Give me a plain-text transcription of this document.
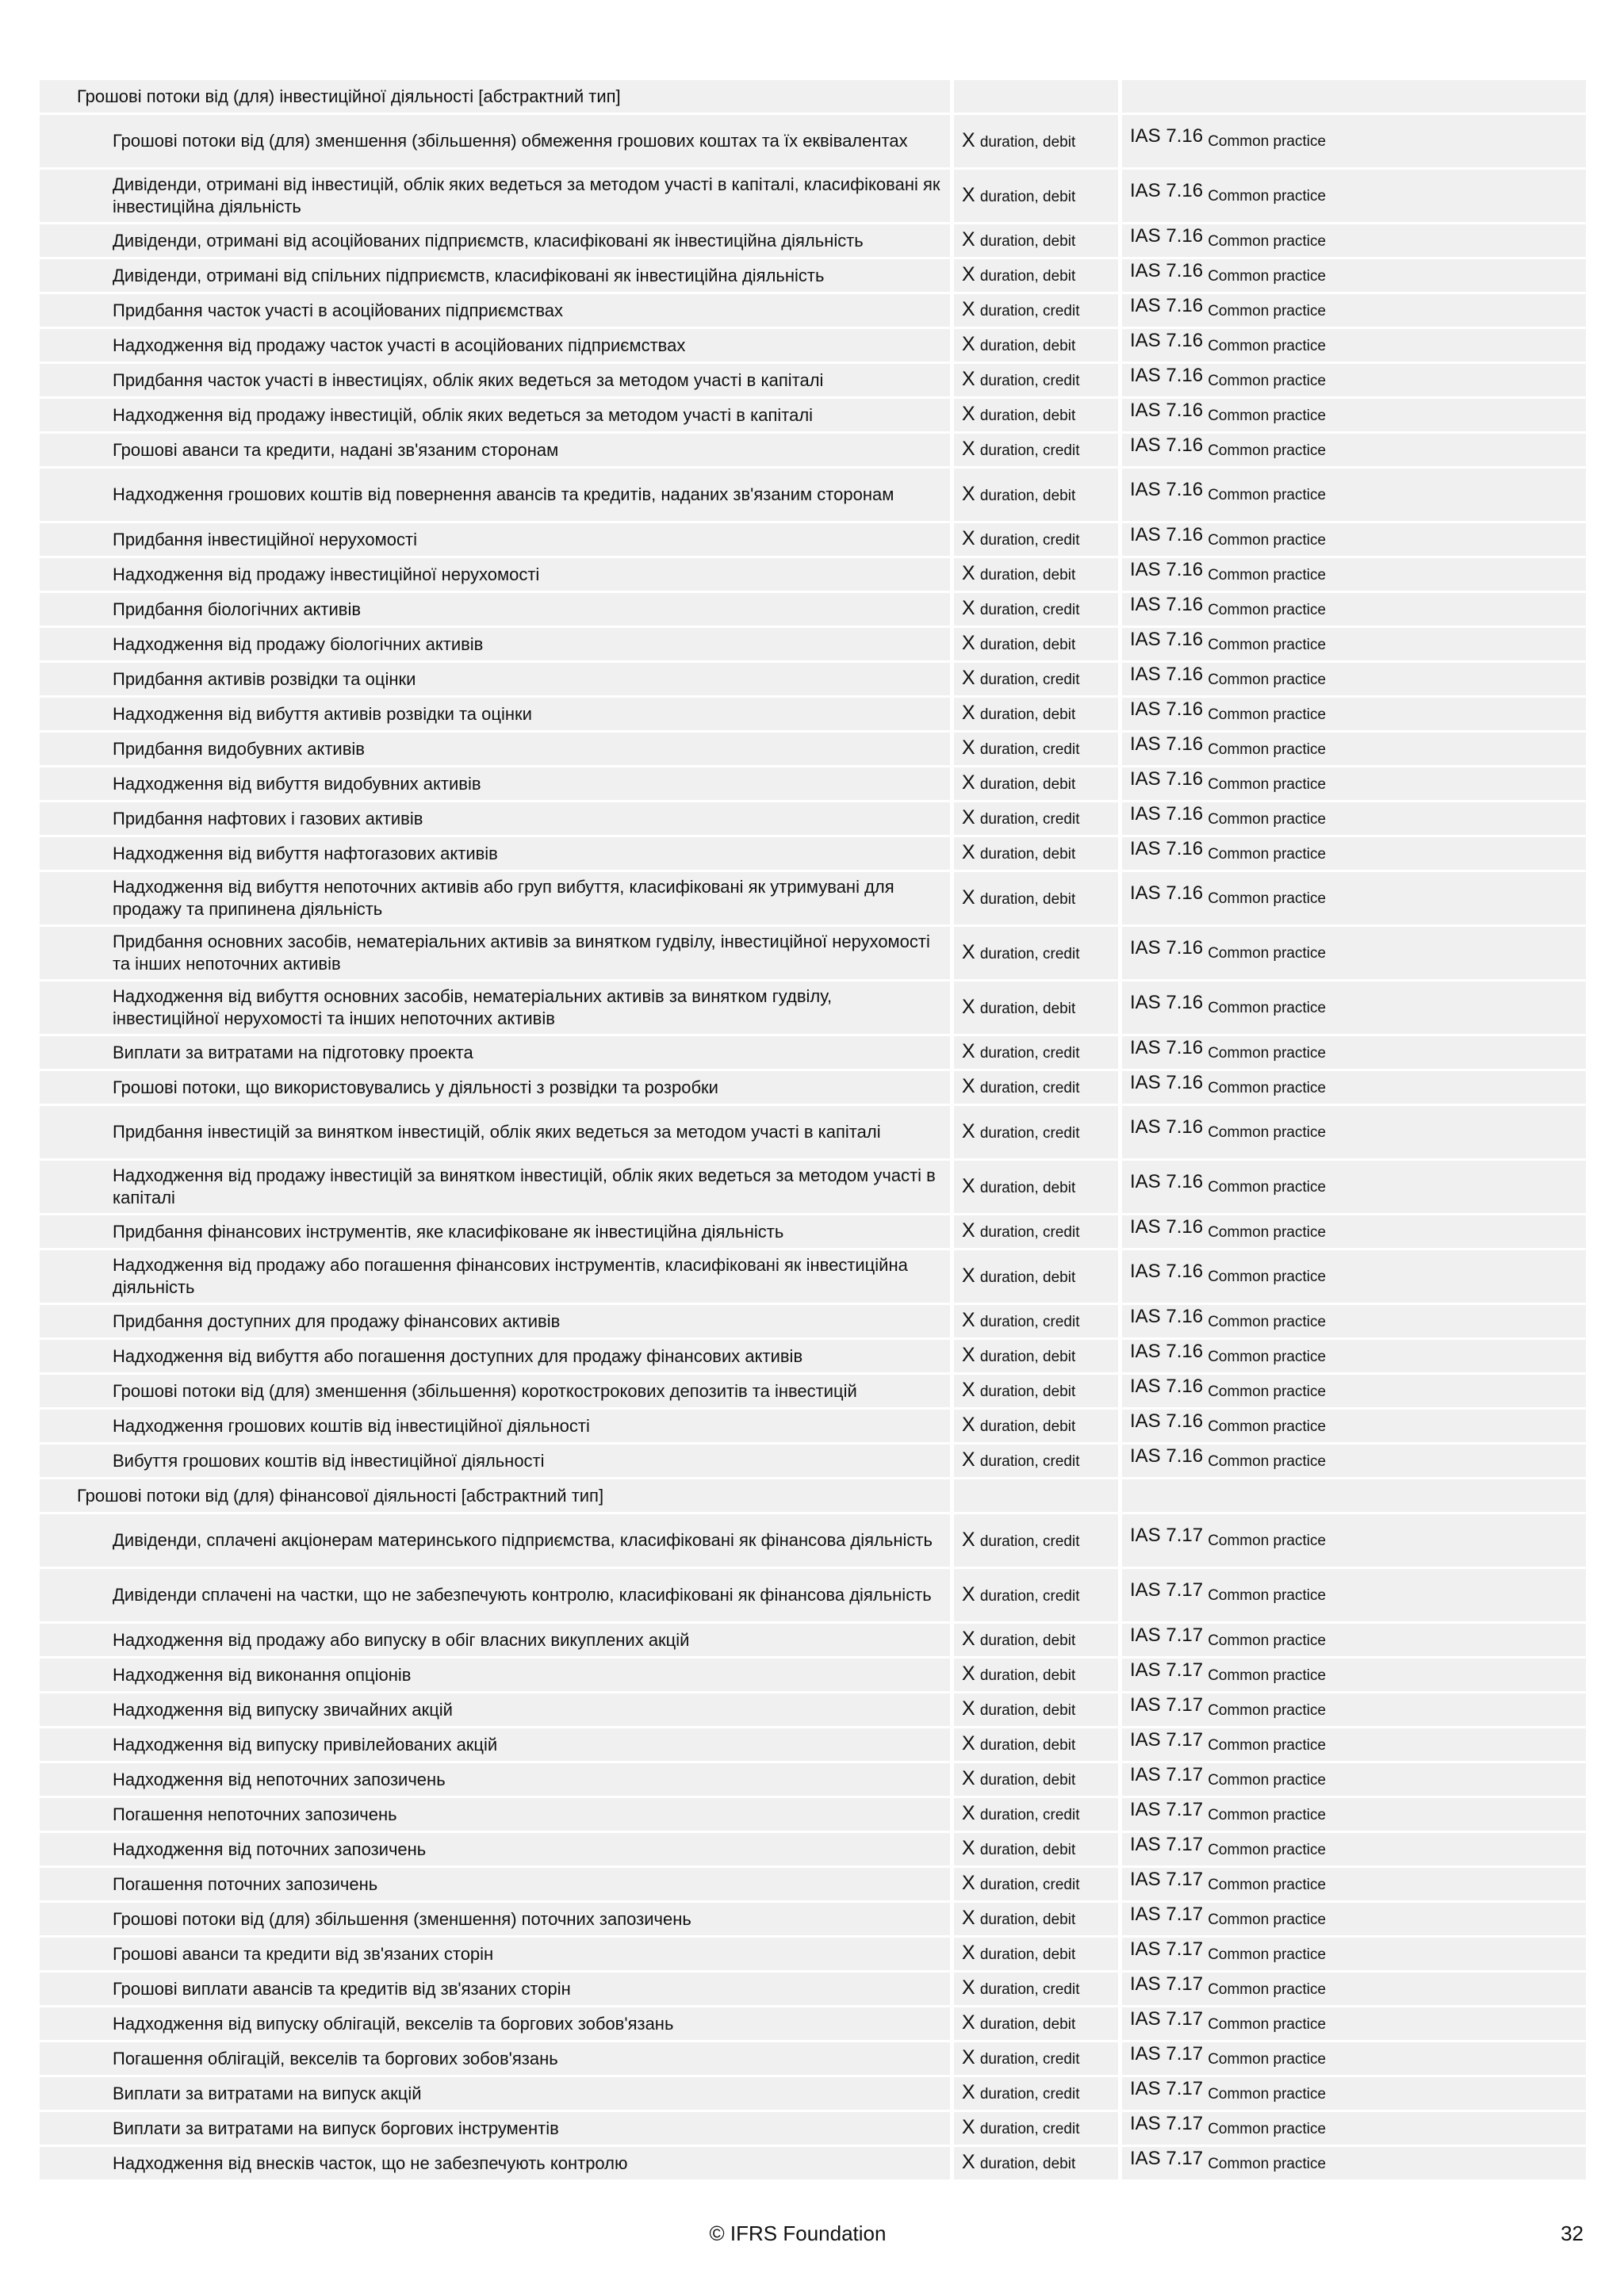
Грошові потоки від (для) інвестиційної діяльності [абстрактний тип]		
Грошові потоки від (для) зменшення (збільшення) обмеження грошових коштах та їх еквівалентах	X duration, debit	IAS 7.16 Common practice
Дивіденди, отримані від інвестицій, облік яких ведеться за методом участі в капіталі, класифіковані як інвестиційна діяльність	X duration, debit	IAS 7.16 Common practice
Дивіденди, отримані від асоційованих підприємств, класифіковані як інвестиційна діяльність	X duration, debit	IAS 7.16 Common practice
Дивіденди, отримані від спільних підприємств, класифіковані як інвестиційна діяльність	X duration, debit	IAS 7.16 Common practice
Придбання часток участі в асоційованих підприємствах	X duration, credit	IAS 7.16 Common practice
Надходження від продажу часток участі в асоційованих підприємствах	X duration, debit	IAS 7.16 Common practice
Придбання часток участі в інвестиціях, облік яких ведеться за методом участі в капіталі	X duration, credit	IAS 7.16 Common practice
Надходження від продажу інвестицій, облік яких ведеться за методом участі в капіталі	X duration, debit	IAS 7.16 Common practice
Грошові аванси та кредити, надані зв'язаним сторонам	X duration, credit	IAS 7.16 Common practice
Надходження грошових коштів від повернення авансів та кредитів, наданих зв'язаним сторонам	X duration, debit	IAS 7.16 Common practice
Придбання інвестиційної нерухомості	X duration, credit	IAS 7.16 Common practice
Надходження від продажу інвестиційної нерухомості	X duration, debit	IAS 7.16 Common practice
Придбання біологічних активів	X duration, credit	IAS 7.16 Common practice
Надходження від продажу біологічних активів	X duration, debit	IAS 7.16 Common practice
Придбання активів розвідки та оцінки	X duration, credit	IAS 7.16 Common practice
Надходження від вибуття активів розвідки та оцінки	X duration, debit	IAS 7.16 Common practice
Придбання видобувних активів	X duration, credit	IAS 7.16 Common practice
Надходження від вибуття видобувних активів	X duration, debit	IAS 7.16 Common practice
Придбання нафтових і газових активів	X duration, credit	IAS 7.16 Common practice
Надходження від вибуття нафтогазових активів	X duration, debit	IAS 7.16 Common practice
Надходження від вибуття непоточних активів або груп вибуття, класифіковані як утримувані для продажу та припинена діяльність	X duration, debit	IAS 7.16 Common practice
Придбання основних засобів, нематеріальних активів за винятком гудвілу, інвестиційної нерухомості та інших непоточних активів	X duration, credit	IAS 7.16 Common practice
Надходження від вибуття основних засобів, нематеріальних активів за винятком гудвілу, інвестиційної нерухомості та інших непоточних активів	X duration, debit	IAS 7.16 Common practice
Виплати за витратами на підготовку проекта	X duration, credit	IAS 7.16 Common practice
Грошові потоки, що використовувались у діяльності з розвідки та розробки	X duration, credit	IAS 7.16 Common practice
Придбання інвестицій за винятком інвестицій, облік яких ведеться за методом участі в капіталі	X duration, credit	IAS 7.16 Common practice
Надходження від продажу інвестицій за винятком інвестицій, облік яких ведеться за методом участі в капіталі	X duration, debit	IAS 7.16 Common practice
Придбання фінансових інструментів, яке класифіковане як інвестиційна діяльність	X duration, credit	IAS 7.16 Common practice
Надходження від продажу або погашення фінансових інструментів, класифіковані як інвестиційна діяльність	X duration, debit	IAS 7.16 Common practice
Придбання доступних для продажу фінансових активів	X duration, credit	IAS 7.16 Common practice
Надходження від вибуття або погашення доступних для продажу фінансових активів	X duration, debit	IAS 7.16 Common practice
Грошові потоки від (для) зменшення (збільшення) короткострокових депозитів та інвестицій	X duration, debit	IAS 7.16 Common practice
Надходження грошових коштів від інвестиційної діяльності	X duration, debit	IAS 7.16 Common practice
Вибуття грошових коштів від інвестиційної діяльності	X duration, credit	IAS 7.16 Common practice
Грошові потоки від (для) фінансової діяльності [абстрактний тип]		
Дивіденди, сплачені акціонерам материнського підприємства, класифіковані як фінансова діяльність	X duration, credit	IAS 7.17 Common practice
Дивіденди сплачені на частки, що не забезпечують контролю, класифіковані як фінансова діяльність	X duration, credit	IAS 7.17 Common practice
Надходження від продажу або випуску в обіг власних викуплених акцій	X duration, debit	IAS 7.17 Common practice
Надходження від виконання опціонів	X duration, debit	IAS 7.17 Common practice
Надходження від випуску звичайних акцій	X duration, debit	IAS 7.17 Common practice
Надходження від випуску привілейованих акцій	X duration, debit	IAS 7.17 Common practice
Надходження від непоточних запозичень	X duration, debit	IAS 7.17 Common practice
Погашення непоточних запозичень	X duration, credit	IAS 7.17 Common practice
Надходження від поточних запозичень	X duration, debit	IAS 7.17 Common practice
Погашення поточних запозичень	X duration, credit	IAS 7.17 Common practice
Грошові потоки від (для) збільшення (зменшення) поточних запозичень	X duration, debit	IAS 7.17 Common practice
Грошові аванси та кредити від зв'язаних сторін	X duration, debit	IAS 7.17 Common practice
Грошові виплати авансів та кредитів від зв'язаних сторін	X duration, credit	IAS 7.17 Common practice
Надходження від випуску облігацій, векселів та боргових зобов'язань	X duration, debit	IAS 7.17 Common practice
Погашення облігацій, векселів та боргових зобов'язань	X duration, credit	IAS 7.17 Common practice
Виплати за витратами на випуск акцій	X duration, credit	IAS 7.17 Common practice
Виплати за витратами на випуск боргових інструментів	X duration, credit	IAS 7.17 Common practice
Надходження від внесків часток, що не забезпечують контролю	X duration, debit	IAS 7.17 Common practice
© IFRS Foundation	32
